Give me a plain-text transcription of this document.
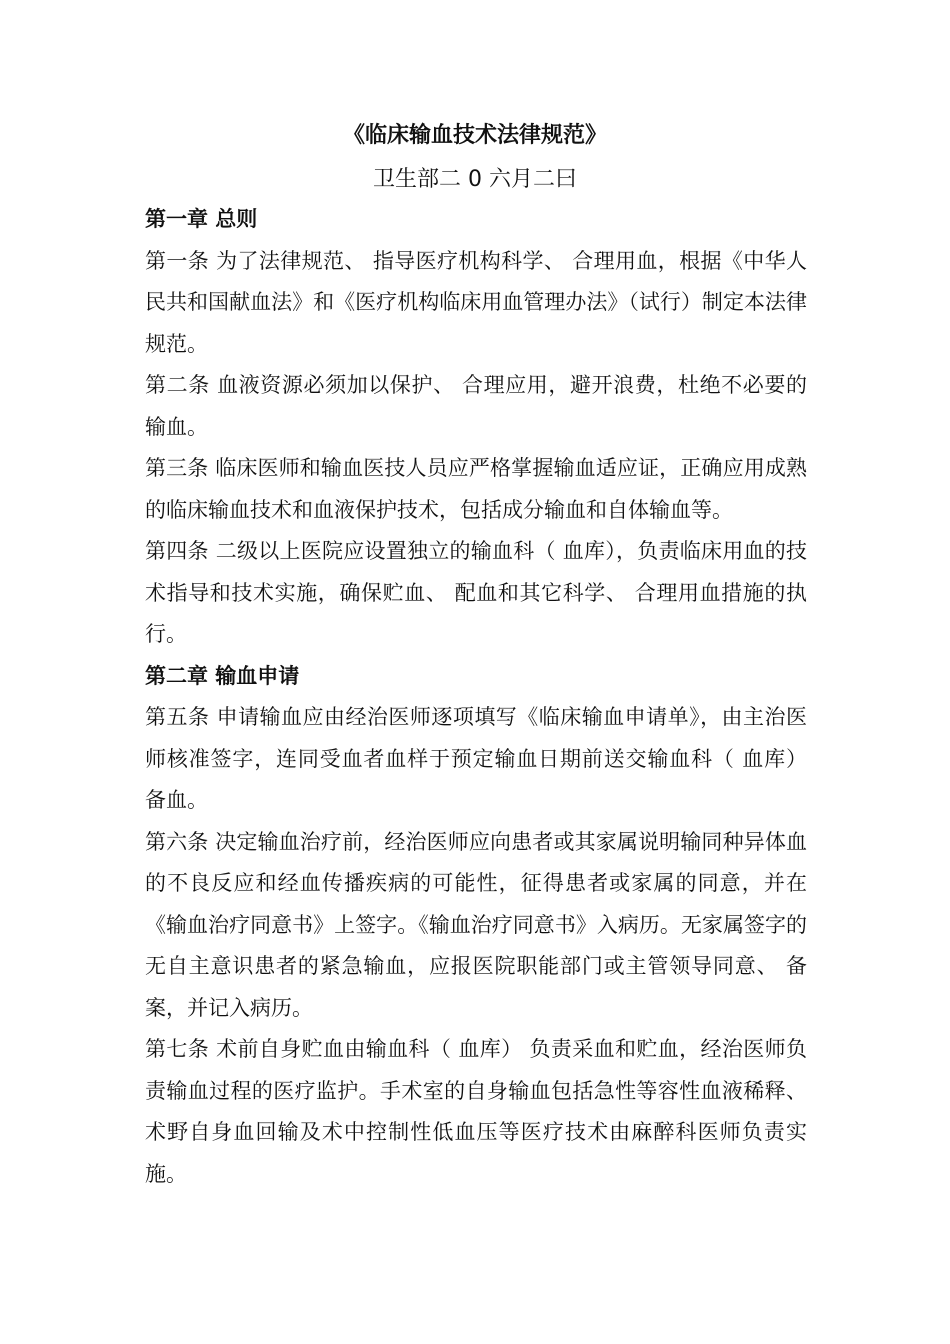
《临床输血技术法律规范》
卫生部二 0 六月二曰

第一章 总则

第一条 为了法律规范、 指导医疗机构科学、 合理用血，根据《中华人民共和国献血法》和《医疗机构临床用血管理办法》（试行）制定本法律规范。

第二条 血液资源必须加以保护、 合理应用，避开浪费，杜绝不必要的输血。

第三条 临床医师和输血医技人员应严格掌握输血适应证，正确应用成熟的临床输血技术和血液保护技术，包括成分输血和自体输血等。

第四条 二级以上医院应设置独立的输血科（ 血库），负责临床用血的技术指导和技术实施，确保贮血、 配血和其它科学、 合理用血措施的执行。

第二章 输血申请

第五条 申请输血应由经治医师逐项填写《临床输血申请单》，由主治医师核准签字，连同受血者血样于预定输血日期前送交输血科（ 血库） 备血。

第六条 决定输血治疗前，经治医师应向患者或其家属说明输同种异体血的不良反应和经血传播疾病的可能性，征得患者或家属的同意，并在《输血治疗同意书》上签字。《输血治疗同意书》入病历。无家属签字的无自主意识患者的紧急输血，应报医院职能部门或主管领导同意、 备案，并记入病历。

第七条 术前自身贮血由输血科（ 血库） 负责采血和贮血，经治医师负责输血过程的医疗监护。手术室的自身输血包括急性等容性血液稀释、 术野自身血回输及术中控制性低血压等医疗技术由麻醉科医师负责实施。
